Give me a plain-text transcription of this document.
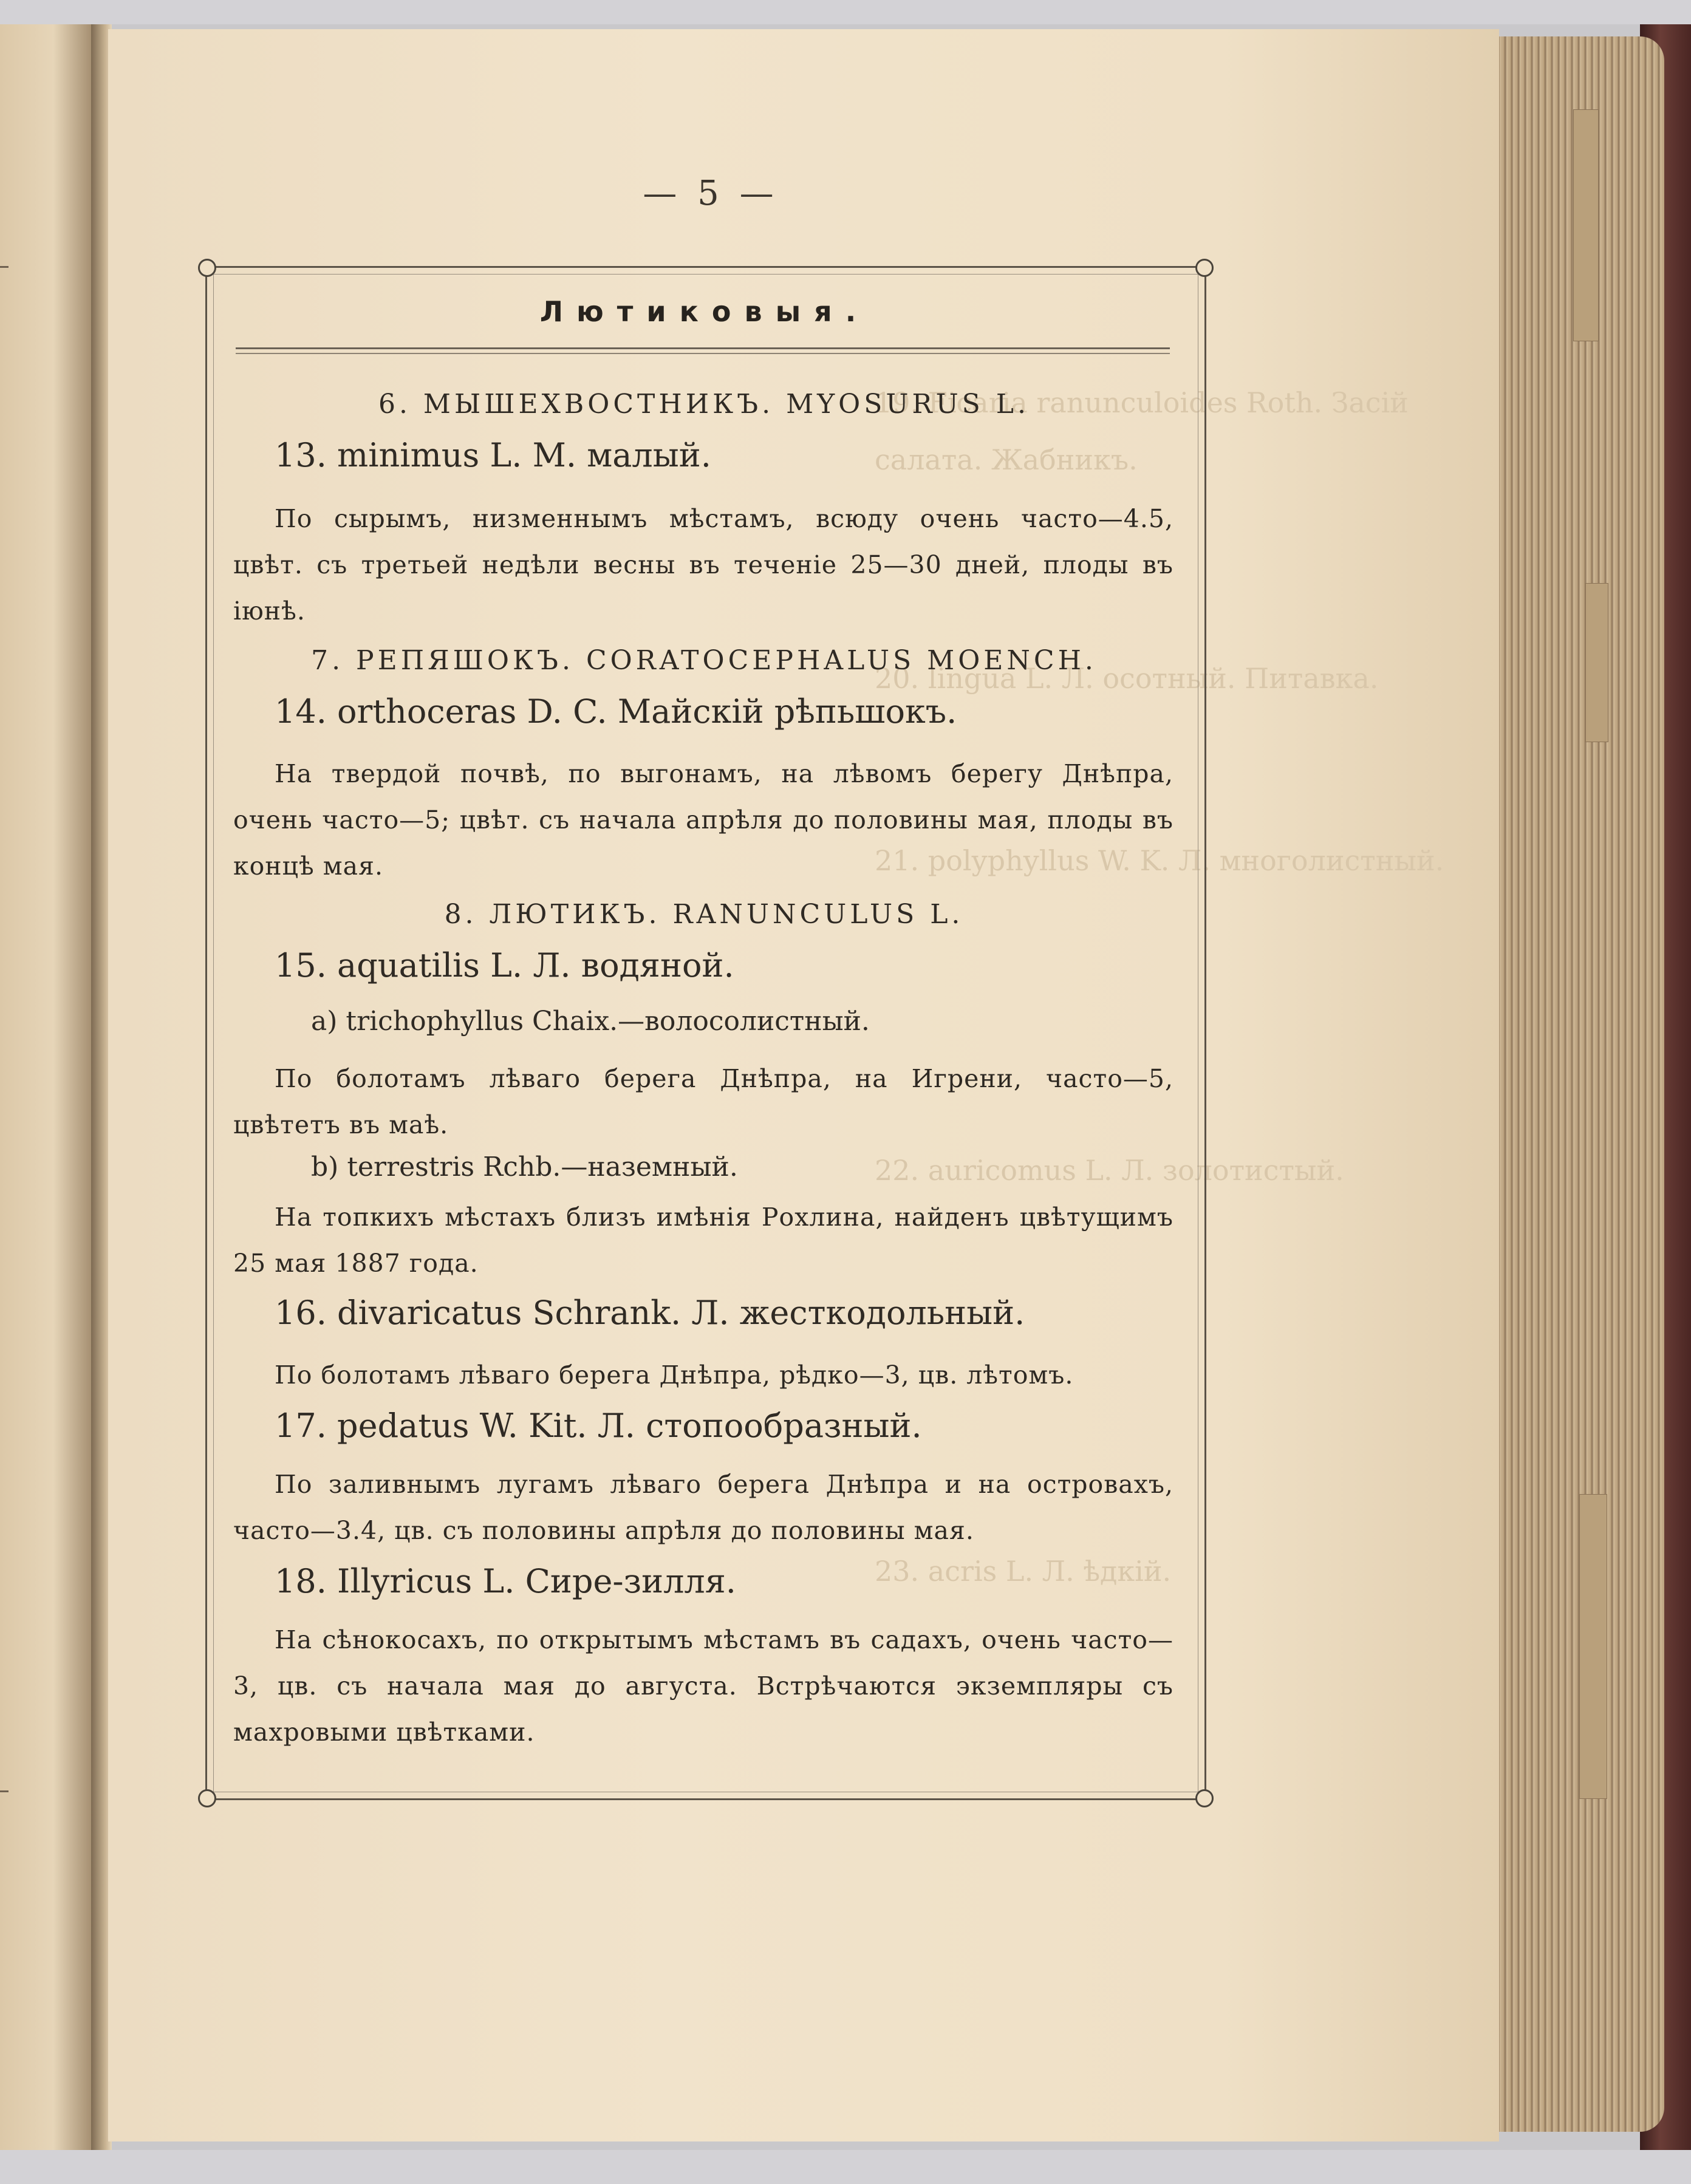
19. Ficaria ranunculoides Roth. Засій
салата. Жабникъ.
20. lingua L. Л. осотный. Питавка.
21. polyphyllus W. K. Л. многолистный.
22. auricomus L. Л. золотистый.
23. acris L. Л. ѣдкій.
— 5 —
Лютиковыя.
6. МЫШЕХВОСТНИКЪ. MYOSURUS L.
13. minimus L. М. малый.
По сырымъ, низменнымъ мѣстамъ, всюду очень часто—4.5, цвѣт. съ третьей недѣли весны въ теченіе 25—30 дней, плоды въ іюнѣ.
7. РЕПЯШОКЪ. CORATOCEPHALUS MOENCH.
14. orthoceras D. C. Майскій рѣпьшокъ.
На твердой почвѣ, по выгонамъ, на лѣвомъ берегу Днѣпра, очень часто—5; цвѣт. съ начала апрѣля до половины мая, плоды въ концѣ мая.
8. ЛЮТИКЪ. RANUNCULUS L.
15. aquatilis L. Л. водяной.
a) trichophyllus Chaix.—волосолистный.
По болотамъ лѣваго берега Днѣпра, на Игрени, часто—5, цвѣтетъ въ маѣ.
b) terrestris Rchb.—наземный.
На топкихъ мѣстахъ близъ имѣнія Рохлина, найденъ цвѣтущимъ 25 мая 1887 года.
16. divaricatus Schrank. Л. жесткодольный.
По болотамъ лѣваго берега Днѣпра, рѣдко—3, цв. лѣтомъ.
17. pedatus W. Kit. Л. стопообразный.
По заливнымъ лугамъ лѣваго берега Днѣпра и на островахъ, часто—3.4, цв. съ половины апрѣля до половины мая.
18. Illyricus L. Сире-зилля.
На сѣнокосахъ, по открытымъ мѣстамъ въ садахъ, очень часто—3, цв. съ начала мая до августа. Встрѣчаются экземпляры съ махровыми цвѣтками.
